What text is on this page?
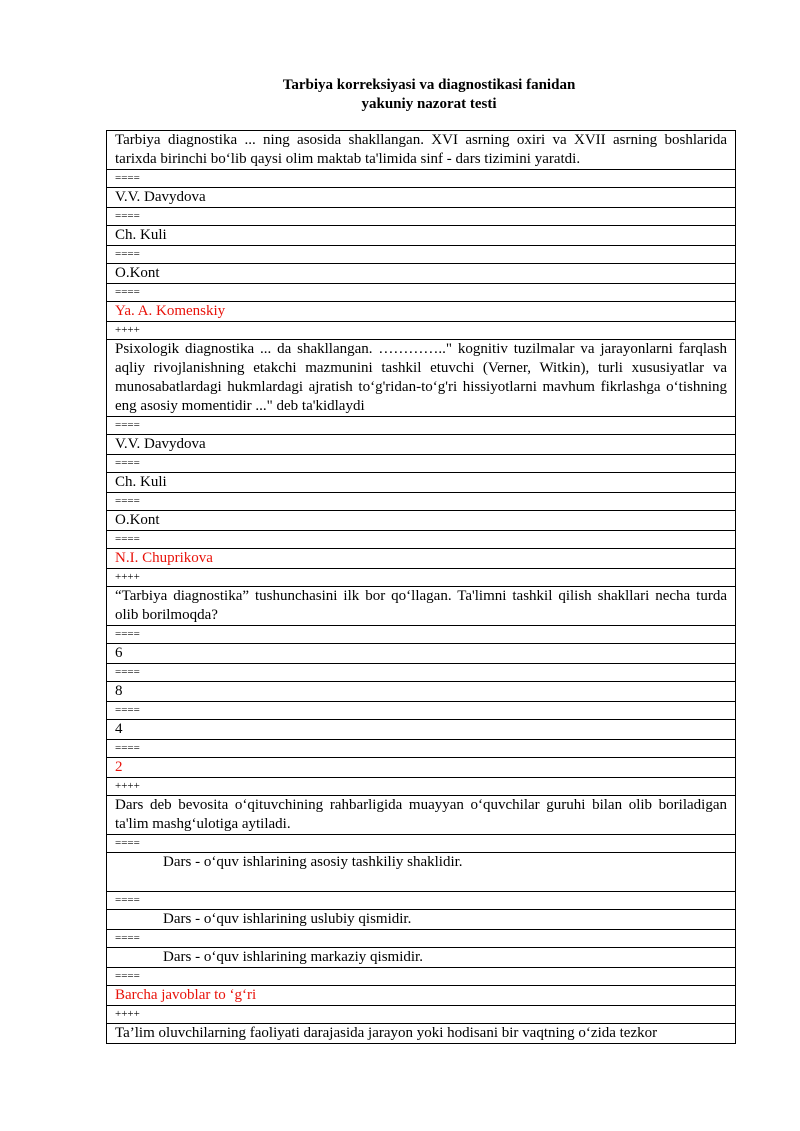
Tarbiya korreksiyasi va diagnostikasi fanidan
yakuniy nazorat testi
Tarbiya diagnostika ... ning asosida shakllangan. XVI asrning oxiri va XVII asrning boshlarida tarixda birinchi bo‘lib qaysi olim maktab ta'limida sinf - dars tizimini yaratdi.
====
V.V. Davydova
====
Ch. Kuli
====
O.Kont
====
Ya. A. Komenskiy
++++
Psixologik diagnostika ... da shakllangan. ………….." kognitiv tuzilmalar va jarayonlarni farqlash aqliy rivojlanishning etakchi mazmunini tashkil etuvchi (Verner, Witkin), turli xususiyatlar va munosabatlardagi hukmlardagi ajratish to‘g'ridan-to‘g'ri hissiyotlarni mavhum fikrlashga o‘tishning eng asosiy momentidir ..." deb ta'kidlaydi
====
V.V. Davydova
====
Ch. Kuli
====
O.Kont
====
N.I. Chuprikova
++++
“Tarbiya diagnostika” tushunchasini ilk bor qo‘llagan. Ta'limni tashkil qilish shakllari necha turda olib borilmoqda?
====
6
====
8
====
4
====
2
++++
Dars deb bevosita o‘qituvchining rahbarligida muayyan o‘quvchilar guruhi bilan olib boriladigan ta'lim mashg‘ulotiga aytiladi.
====
Dars - o‘quv ishlarining asosiy tashkiliy shaklidir.
====
Dars - o‘quv ishlarining uslubiy qismidir.
====
Dars - o‘quv ishlarining markaziy qismidir.
====
Barcha javoblar to ‘g‘ri
++++
Ta’lim oluvchilarning faoliyati darajasida jarayon yoki hodisani bir vaqtning o‘zida tezkor
